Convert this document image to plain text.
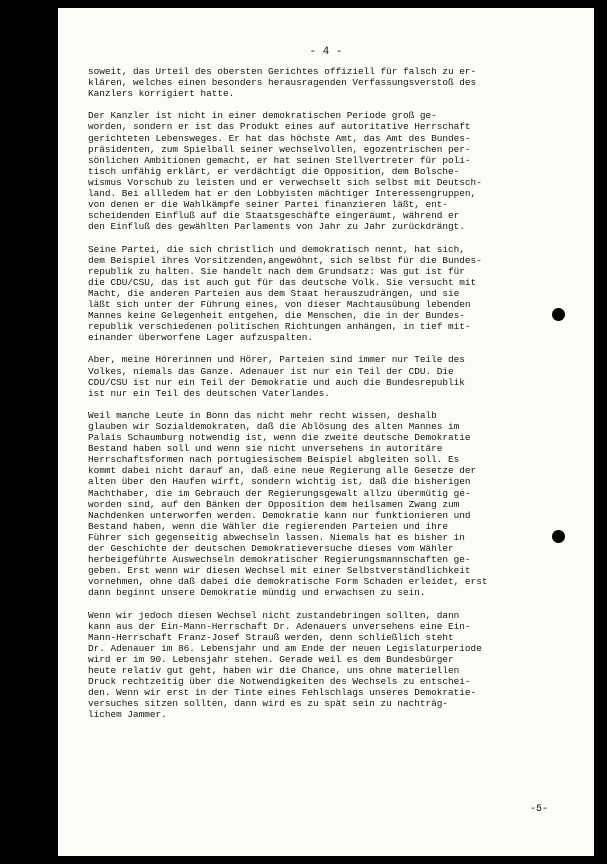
- 4 -
soweit, das Urteil des obersten Gerichtes offiziell für falsch zu er-
klären, welches einen besonders herausragenden Verfassungsverstoß des
Kanzlers korrigiert hatte.
Der Kanzler ist nicht in einer demokratischen Periode groß ge-
worden, sondern er ist das Produkt eines auf autoritative Herrschaft
gerichteten Lebensweges. Er hat das höchste Amt, das Amt des Bundes-
präsidenten, zum Spielball seiner wechselvollen, egozentrischen per-
sönlichen Ambitionen gemacht, er hat seinen Stellvertreter für poli-
tisch unfähig erklärt, er verdächtigt die Opposition, dem Bolsche-
wismus Vorschub zu leisten und er verwechselt sich selbst mit Deutsch-
land. Bei allledem hat er den Lobbyisten mächtiger Interessengruppen,
von denen er die Wahlkämpfe seiner Partei finanzieren läßt, ent-
scheidenden Einfluß auf die Staatsgeschäfte eingeräumt, während er
den Einfluß des gewählten Parlaments von Jahr zu Jahr zurückdrängt.
Seine Partei, die sich christlich und demokratisch nennt, hat sich,
dem Beispiel ihres Vorsitzenden,angewöhnt, sich selbst für die Bundes-
republik zu halten. Sie handelt nach dem Grundsatz: Was gut ist für
die CDU/CSU, das ist auch gut für das deutsche Volk. Sie versucht mit
Macht, die anderen Parteien aus dem Staat herauszudrängen, und sie
läßt sich unter der Führung eines, von dieser Machtausübung lebenden
Mannes keine Gelegenheit entgehen, die Menschen, die in der Bundes-
republik verschiedenen politischen Richtungen anhängen, in tief mit-
einander überworfene Lager aufzuspalten.
Aber, meine Hörerinnen und Hörer, Parteien sind immer nur Teile des
Volkes, niemals das Ganze. Adenauer ist nur ein Teil der CDU. Die
CDU/CSU ist nur ein Teil der Demokratie und auch die Bundesrepublik
ist nur ein Teil des deutschen Vaterlandes.
Weil manche Leute in Bonn das nicht mehr recht wissen, deshalb
glauben wir Sozialdemokraten, daß die Ablösung des alten Mannes im
Palais Schaumburg notwendig ist, wenn die zweite deutsche Demokratie
Bestand haben soll und wenn sie nicht unversehens in autoritäre
Herrschaftsformen nach portugiesischem Beispiel abgleiten soll. Es
kommt dabei nicht darauf an, daß eine neue Regierung alle Gesetze der
alten über den Haufen wirft, sondern wichtig ist, daß die bisherigen
Machthaber, die im Gebrauch der Regierungsgewalt allzu übermütig ge-
worden sind, auf den Bänken der Opposition dem heilsamen Zwang zum
Nachdenken unterworfen werden. Demokratie kann nur funktionieren und
Bestand haben, wenn die Wähler die regierenden Parteien und ihre
Führer sich gegenseitig abwechseln lassen. Niemals hat es bisher in
der Geschichte der deutschen Demokratieversuche dieses vom Wähler
herbeigeführte Auswechseln demokratischer Regierungsmannschaften ge-
geben. Erst wenn wir diesen Wechsel mit einer Selbstverständlichkeit
vornehmen, ohne daß dabei die demokratische Form Schaden erleidet, erst
dann beginnt unsere Demokratie mündig und erwachsen zu sein.
Wenn wir jedoch diesen Wechsel nicht zustandebringen sollten, dann
kann aus der Ein-Mann-Herrschaft Dr. Adenauers unversehens eine Ein-
Mann-Herrschaft Franz-Josef Strauß werden, denn schließlich steht
Dr. Adenauer im 86. Lebensjahr und am Ende der neuen Legislaturperiode
wird er im 90. Lebensjahr stehen. Gerade weil es dem Bundesbürger
heute relativ gut geht, haben wir die Chance, uns ohne materiellen
Druck rechtzeitig über die Notwendigkeiten des Wechsels zu entschei-
den. Wenn wir erst in der Tinte eines Fehlschlags unseres Demokratie-
versuches sitzen sollten, dann wird es zu spät sein zu nachträg-
lichem Jammer.
-5-
